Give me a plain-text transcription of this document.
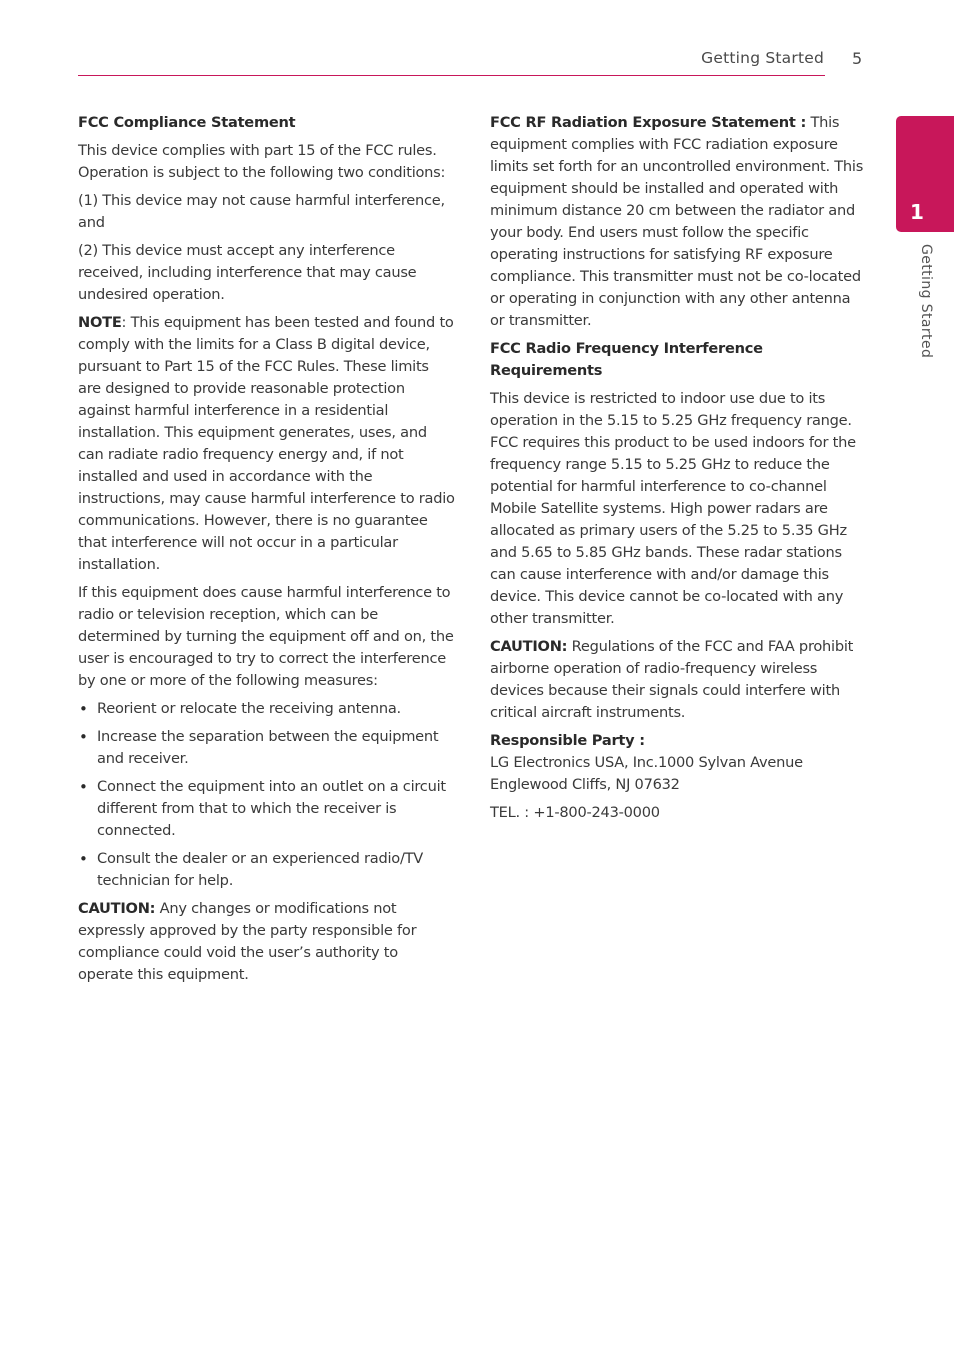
Getting Started 5
1
Getting Started

FCC Compliance Statement

This device complies with part 15 of the FCC rules. Operation is subject to the following two conditions:

(1) This device may not cause harmful interference, and

(2) This device must accept any interference received, including interference that may cause undesired operation.

NOTE: This equipment has been tested and found to comply with the limits for a Class B digital device, pursuant to Part 15 of the FCC Rules. These limits are designed to provide reasonable protection against harmful interference in a residential installation. This equipment generates, uses, and can radiate radio frequency energy and, if not installed and used in accordance with the instructions, may cause harmful interference to radio communications. However, there is no guarantee that interference will not occur in a particular installation.

If this equipment does cause harmful interference to radio or television reception, which can be determined by turning the equipment off and on, the user is encouraged to try to correct the interference by one or more of the following measures:

• Reorient or relocate the receiving antenna.
• Increase the separation between the equipment and receiver.
• Connect the equipment into an outlet on a circuit different from that to which the receiver is connected.
• Consult the dealer or an experienced radio/TV technician for help.

CAUTION: Any changes or modifications not expressly approved by the party responsible for compliance could void the user’s authority to operate this equipment.

FCC RF Radiation Exposure Statement : This equipment complies with FCC radiation exposure limits set forth for an uncontrolled environment. This equipment should be installed and operated with minimum distance 20 cm between the radiator and your body. End users must follow the specific operating instructions for satisfying RF exposure compliance. This transmitter must not be co-located or operating in conjunction with any other antenna or transmitter.

FCC Radio Frequency Interference Requirements

This device is restricted to indoor use due to its operation in the 5.15 to 5.25 GHz frequency range. FCC requires this product to be used indoors for the frequency range 5.15 to 5.25 GHz to reduce the potential for harmful interference to co-channel Mobile Satellite systems. High power radars are allocated as primary users of the 5.25 to 5.35 GHz and 5.65 to 5.85 GHz bands. These radar stations can cause interference with and/or damage this device. This device cannot be co-located with any other transmitter.

CAUTION: Regulations of the FCC and FAA prohibit airborne operation of radio-frequency wireless devices because their signals could interfere with critical aircraft instruments.

Responsible Party :

LG Electronics USA, Inc.1000 Sylvan Avenue

Englewood Cliffs, NJ 07632

TEL. : +1-800-243-0000
